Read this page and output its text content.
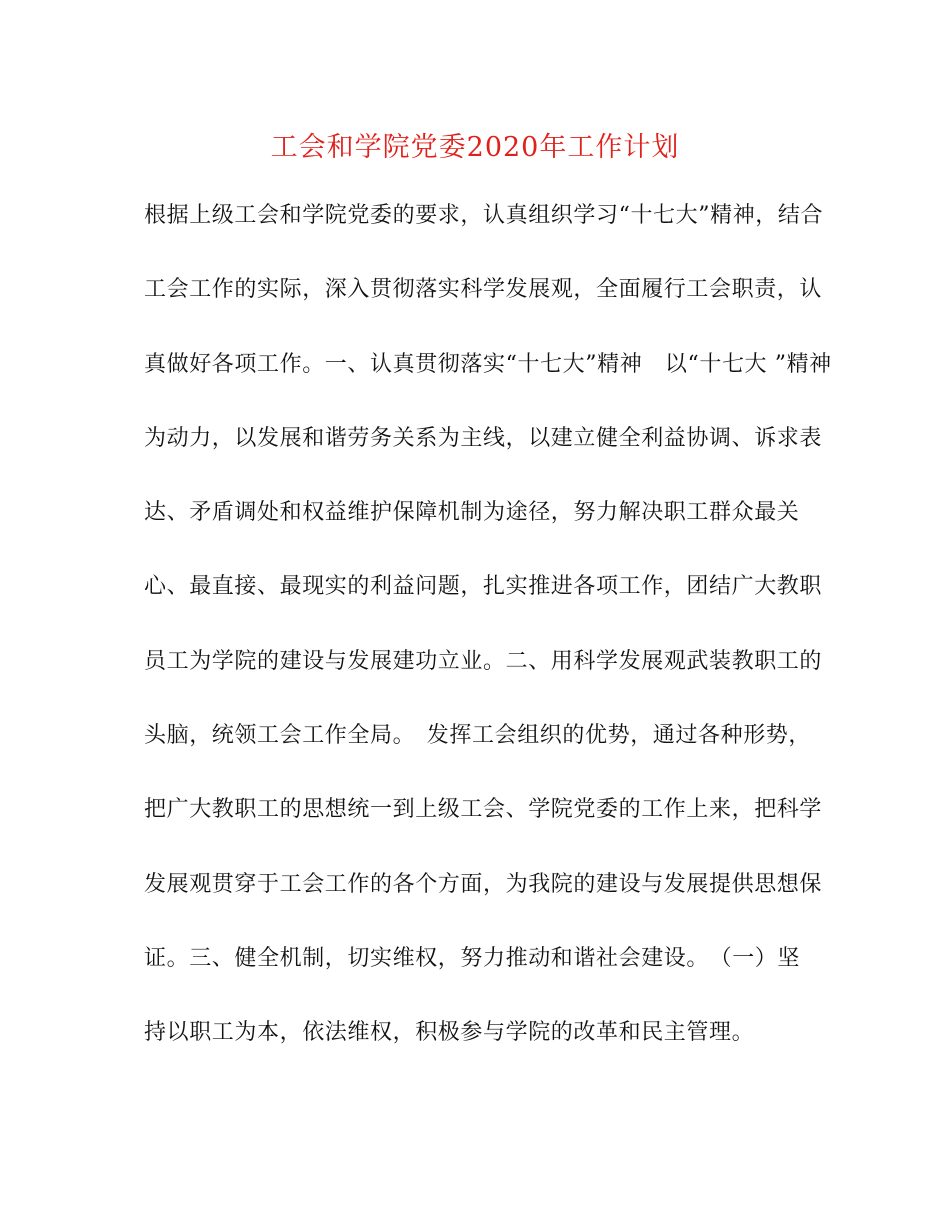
工会和学院党委2020年工作计划
根据上级工会和学院党委的要求，认真组织学习“十七大”精神，结合
工会工作的实际，深入贯彻落实科学发展观，全面履行工会职责，认
真做好各项工作。一、认真贯彻落实“十七大”精神　以“十七大 ”精神
为动力，以发展和谐劳务关系为主线，以建立健全利益协调、诉求表
达、矛盾调处和权益维护保障机制为途径，努力解决职工群众最关
心、最直接、最现实的利益问题，扎实推进各项工作，团结广大教职
员工为学院的建设与发展建功立业。二、用科学发展观武装教职工的
头脑，统领工会工作全局。　发挥工会组织的优势，通过各种形势，
把广大教职工的思想统一到上级工会、学院党委的工作上来，把科学
发展观贯穿于工会工作的各个方面，为我院的建设与发展提供思想保
证。三、健全机制，切实维权，努力推动和谐社会建设。　（一）坚
持以职工为本，依法维权，积极参与学院的改革和民主管理。
